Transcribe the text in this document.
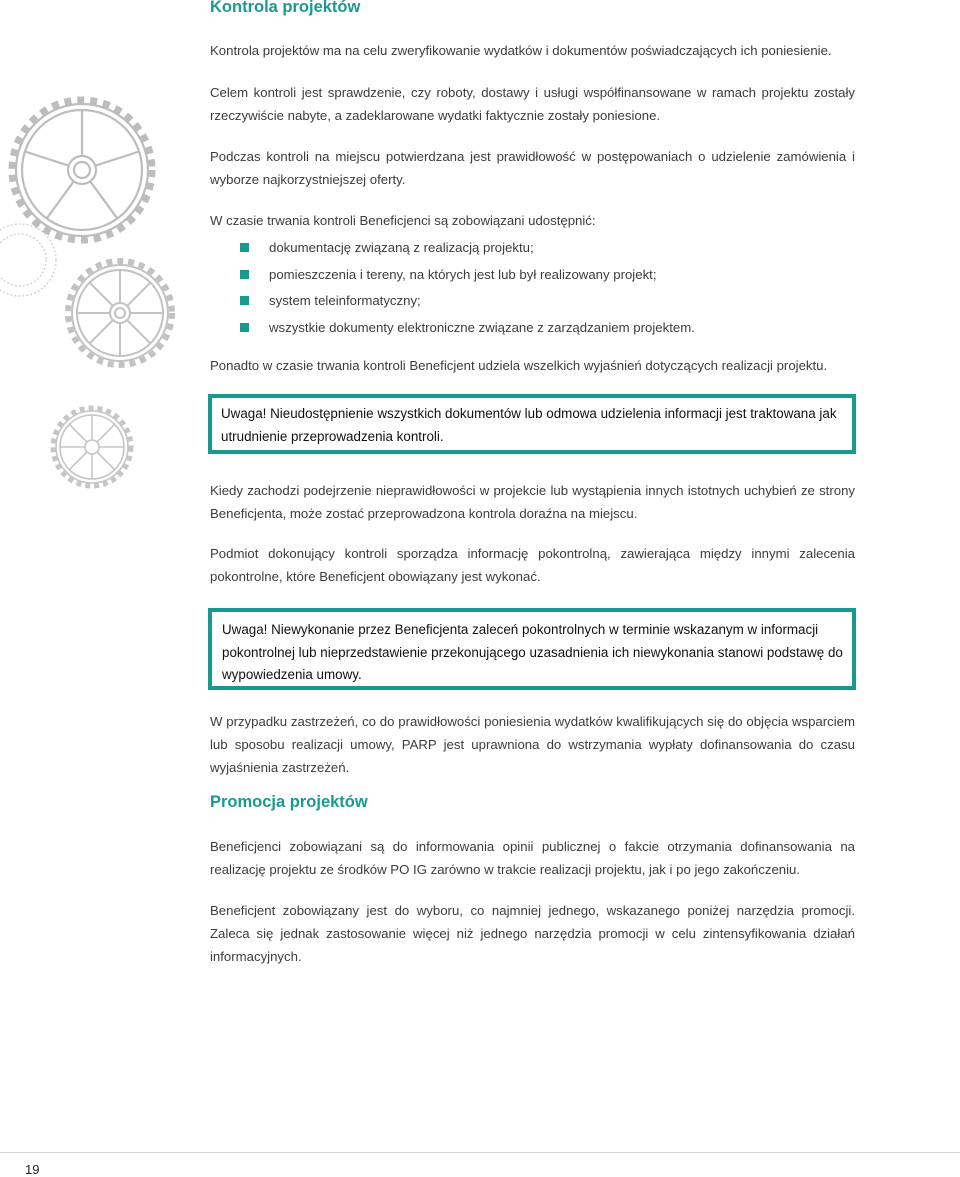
Kontrola projektów

Kontrola projektów ma na celu zweryfikowanie wydatków i dokumentów poświadczających ich poniesienie.

Celem kontroli jest sprawdzenie, czy roboty, dostawy i usługi współfinansowane w ramach projektu zostały rzeczywiście nabyte, a zadeklarowane wydatki faktycznie zostały poniesione.

Podczas kontroli na miejscu potwierdzana jest prawidłowość w postępowaniach o udzielenie zamówienia i wyborze najkorzystniejszej oferty.

W czasie trwania kontroli Beneficjenci są zobowiązani udostępnić:

dokumentację związaną z realizacją projektu;
pomieszczenia i tereny, na których jest lub był realizowany projekt;
system teleinformatyczny;
wszystkie dokumenty elektroniczne związane z zarządzaniem projektem.

Ponadto w czasie trwania kontroli Beneficjent udziela wszelkich wyjaśnień dotyczących realizacji projektu.

Uwaga! Nieudostępnienie wszystkich dokumentów lub odmowa udzielenia informacji jest traktowana jak utrudnienie przeprowadzenia kontroli.

Kiedy zachodzi podejrzenie nieprawidłowości w projekcie lub wystąpienia innych istotnych uchybień ze strony Beneficjenta, może zostać przeprowadzona kontrola doraźna na miejscu.

Podmiot dokonujący kontroli sporządza informację pokontrolną, zawierająca między innymi zalecenia pokontrolne, które Beneficjent obowiązany jest wykonać.

Uwaga! Niewykonanie przez Beneficjenta zaleceń pokontrolnych w terminie wskazanym w informacji pokontrolnej lub nieprzedstawienie przekonującego uzasadnienia ich niewykonania stanowi podstawę do wypowiedzenia umowy.

W przypadku zastrzeżeń, co do prawidłowości poniesienia wydatków kwalifikujących się do objęcia wsparciem lub sposobu realizacji umowy, PARP jest uprawniona do wstrzymania wypłaty dofinansowania do czasu wyjaśnienia zastrzeżeń.

Promocja projektów

Beneficjenci zobowiązani są do informowania opinii publicznej o fakcie otrzymania dofinansowania na realizację projektu ze środków PO IG zarówno w trakcie realizacji projektu, jak i po jego zakończeniu.

Beneficjent zobowiązany jest do wyboru, co najmniej jednego, wskazanego poniżej narzędzia promocji. Zaleca się jednak zastosowanie więcej niż jednego narzędzia promocji w celu zintensyfikowania działań informacyjnych.

19
